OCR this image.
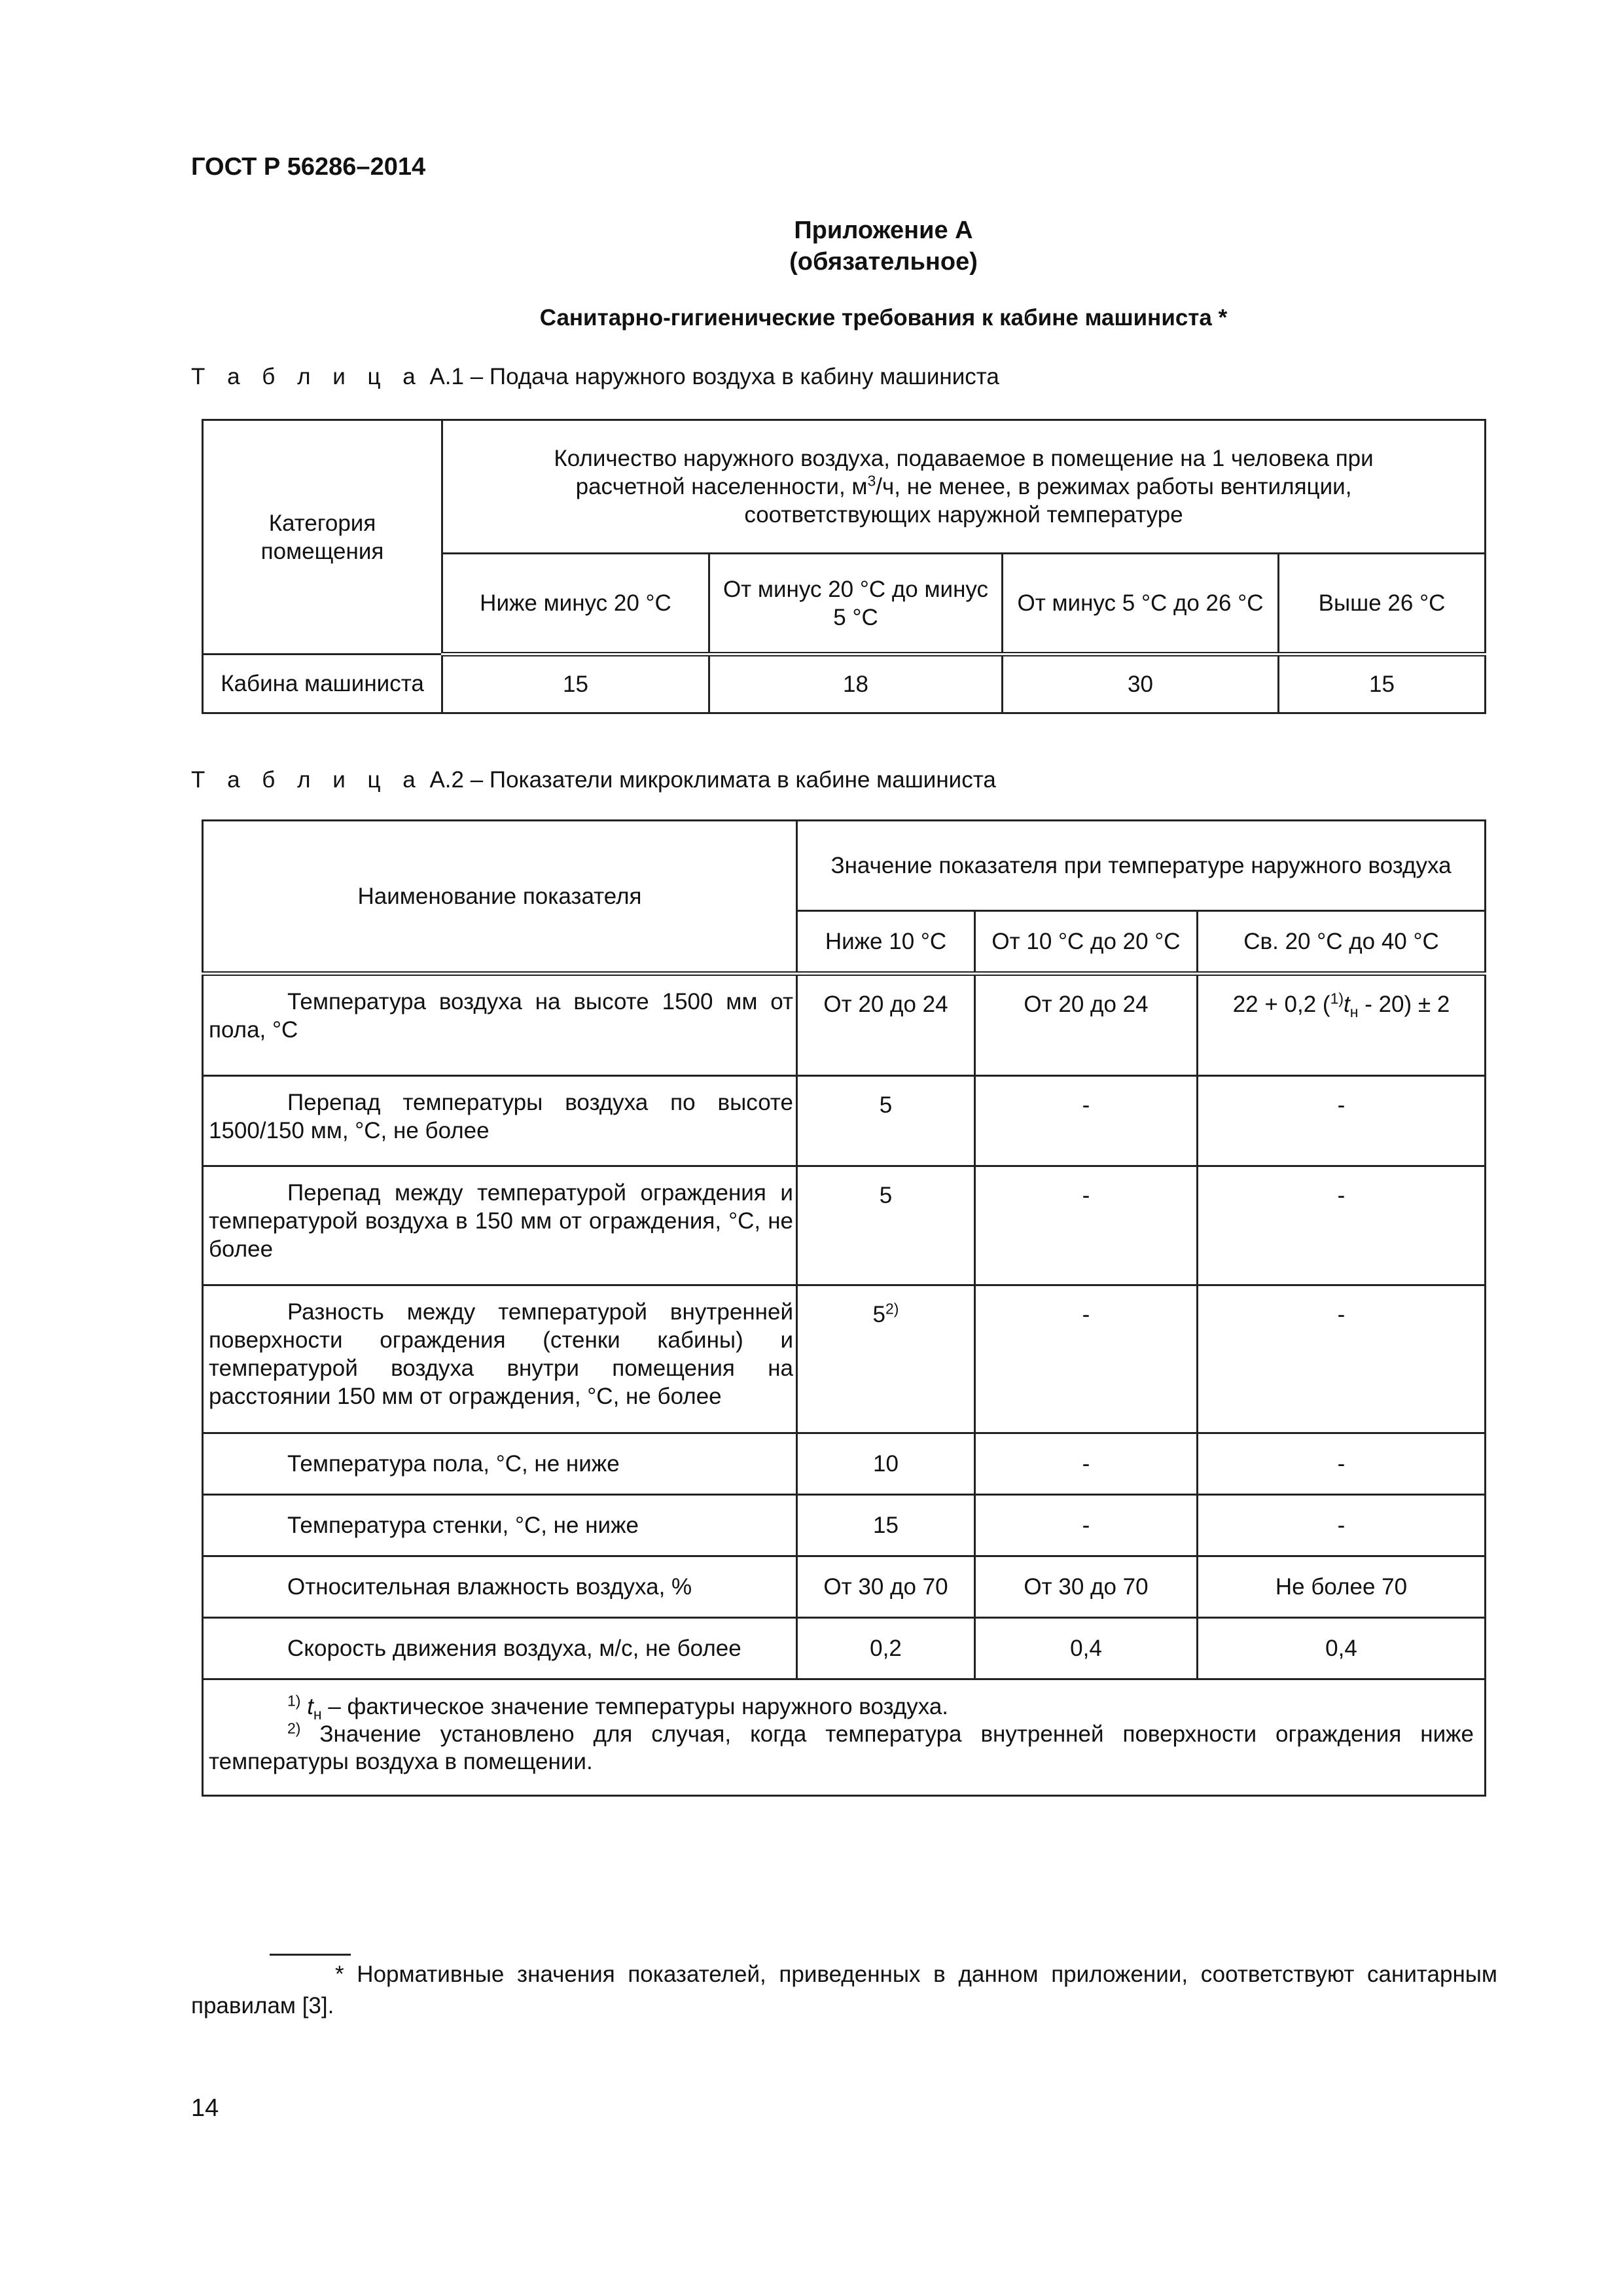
ГОСТ Р 56286–2014
Приложение А
(обязательное)
Санитарно-гигиенические требования к кабине машиниста *
Т а б л и ц а А.1 – Подача наружного воздуха в кабину машиниста
Категория помещения	Количество наружного воздуха, подаваемое в помещение на 1 человека при
расчетной населенности, $м^3/ч$, не менее, в режимах работы вентиляции,
соответствующих наружной температуре			

	Ниже минус 20 °С	От минус 20 °С до минус 5 °С	От минус 5 °С до 26 °С	Выше 26 °С
Кабина машиниста	15	18	30	15
Т а б л и ц а А.2 – Показатели микроклимата в кабине машиниста
Наименование показателя	Значение показателя при температуре наружного воздуха		
	Ниже 10 °С	От 10 °С до 20 °С	Св. 20 °С до 40 °С
Температура воздуха на высоте 1500 мм от пола, °С	От 20 до 24	От 20 до 24	22 + 0,2 $(^{1)}t_н - 20) \pm 2$
Перепад температуры воздуха по высоте 1500/150 мм, °С, не более	5	-	-
Перепад между температурой ограждения и температурой воздуха в 150 мм от ограждения, °С, не более	5	-	-
Разность между температурой внутренней поверхности ограждения (стенки кабины) и температурой воздуха внутри помещения на расстоянии 150 мм от ограждения, °С, не более	5$^{2)}$	-	-
Температура пола, °С, не ниже	10	-	-
Температура стенки, °С, не ниже	15	-	-
Относительная влажность воздуха, %	От 30 до 70	От 30 до 70	Не более 70
Скорость движения воздуха, м/с, не более	0,2	0,4	0,4

$^{1)}$ $t_н$ – фактическое значение температуры наружного воздуха.
$^{2)}$ Значение установлено для случая, когда температура внутренней поверхности ограждения ниже температуры воздуха в помещении.			
* Нормативные значения показателей, приведенных в данном приложении, соответствуют санитарным правилам [3].
14
